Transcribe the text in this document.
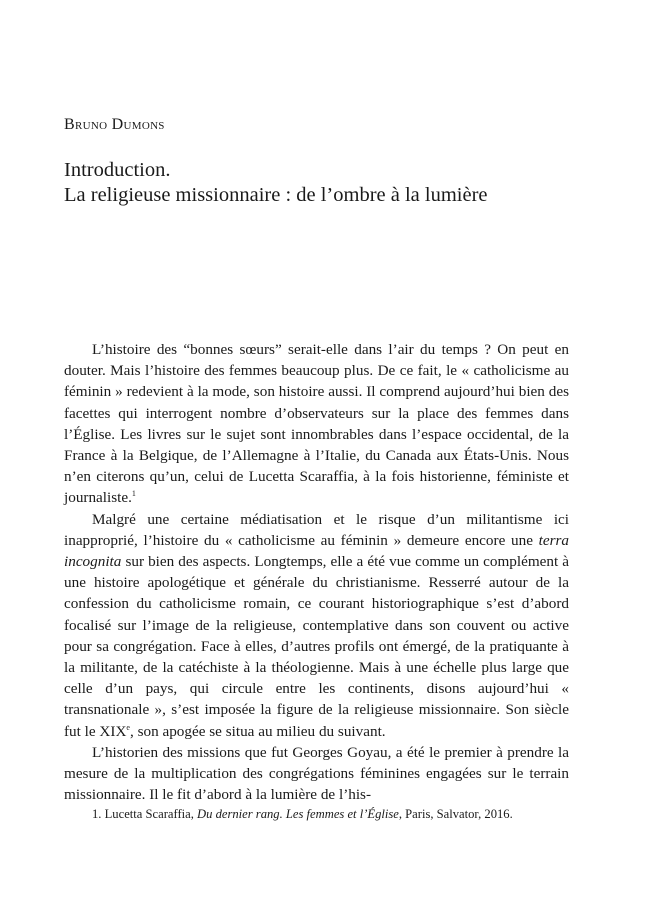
Bruno Dumons

Introduction.
La religieuse missionnaire : de l’ombre à la lumière

L’histoire des “bonnes sœurs” serait-elle dans l’air du temps ? On peut en douter. Mais l’histoire des femmes beaucoup plus. De ce fait, le « catholicisme au féminin » redevient à la mode, son histoire aussi. Il comprend aujourd’hui bien des facettes qui interrogent nombre d’observateurs sur la place des femmes dans l’Église. Les livres sur le sujet sont innombrables dans l’espace occidental, de la France à la Belgique, de l’Allemagne à l’Italie, du Canada aux États-Unis. Nous n’en citerons qu’un, celui de Lucetta Scaraffia, à la fois historienne, féministe et journaliste.$^1$

Malgré une certaine médiatisation et le risque d’un militantisme ici inapproprié, l’histoire du « catholicisme au féminin » demeure encore une terra incognita sur bien des aspects. Longtemps, elle a été vue comme un complément à une histoire apologétique et générale du christianisme. Resserré autour de la confession du catholicisme romain, ce courant historiographique s’est d’abord focalisé sur l’image de la religieuse, contemplative dans son couvent ou active pour sa congrégation. Face à elles, d’autres profils ont émergé, de la pratiquante à la militante, de la catéchiste à la théologienne. Mais à une échelle plus large que celle d’un pays, qui circule entre les continents, disons aujourd’hui « transnationale », s’est imposée la figure de la religieuse missionnaire. Son siècle fut le XIXe, son apogée se situa au milieu du suivant.

L’historien des missions que fut Georges Goyau, a été le premier à prendre la mesure de la multiplication des congrégations féminines engagées sur le terrain missionnaire. Il le fit d’abord à la lumière de l’his-

1. Lucetta Scaraffia, Du dernier rang. Les femmes et l’Église, Paris, Salvator, 2016.
